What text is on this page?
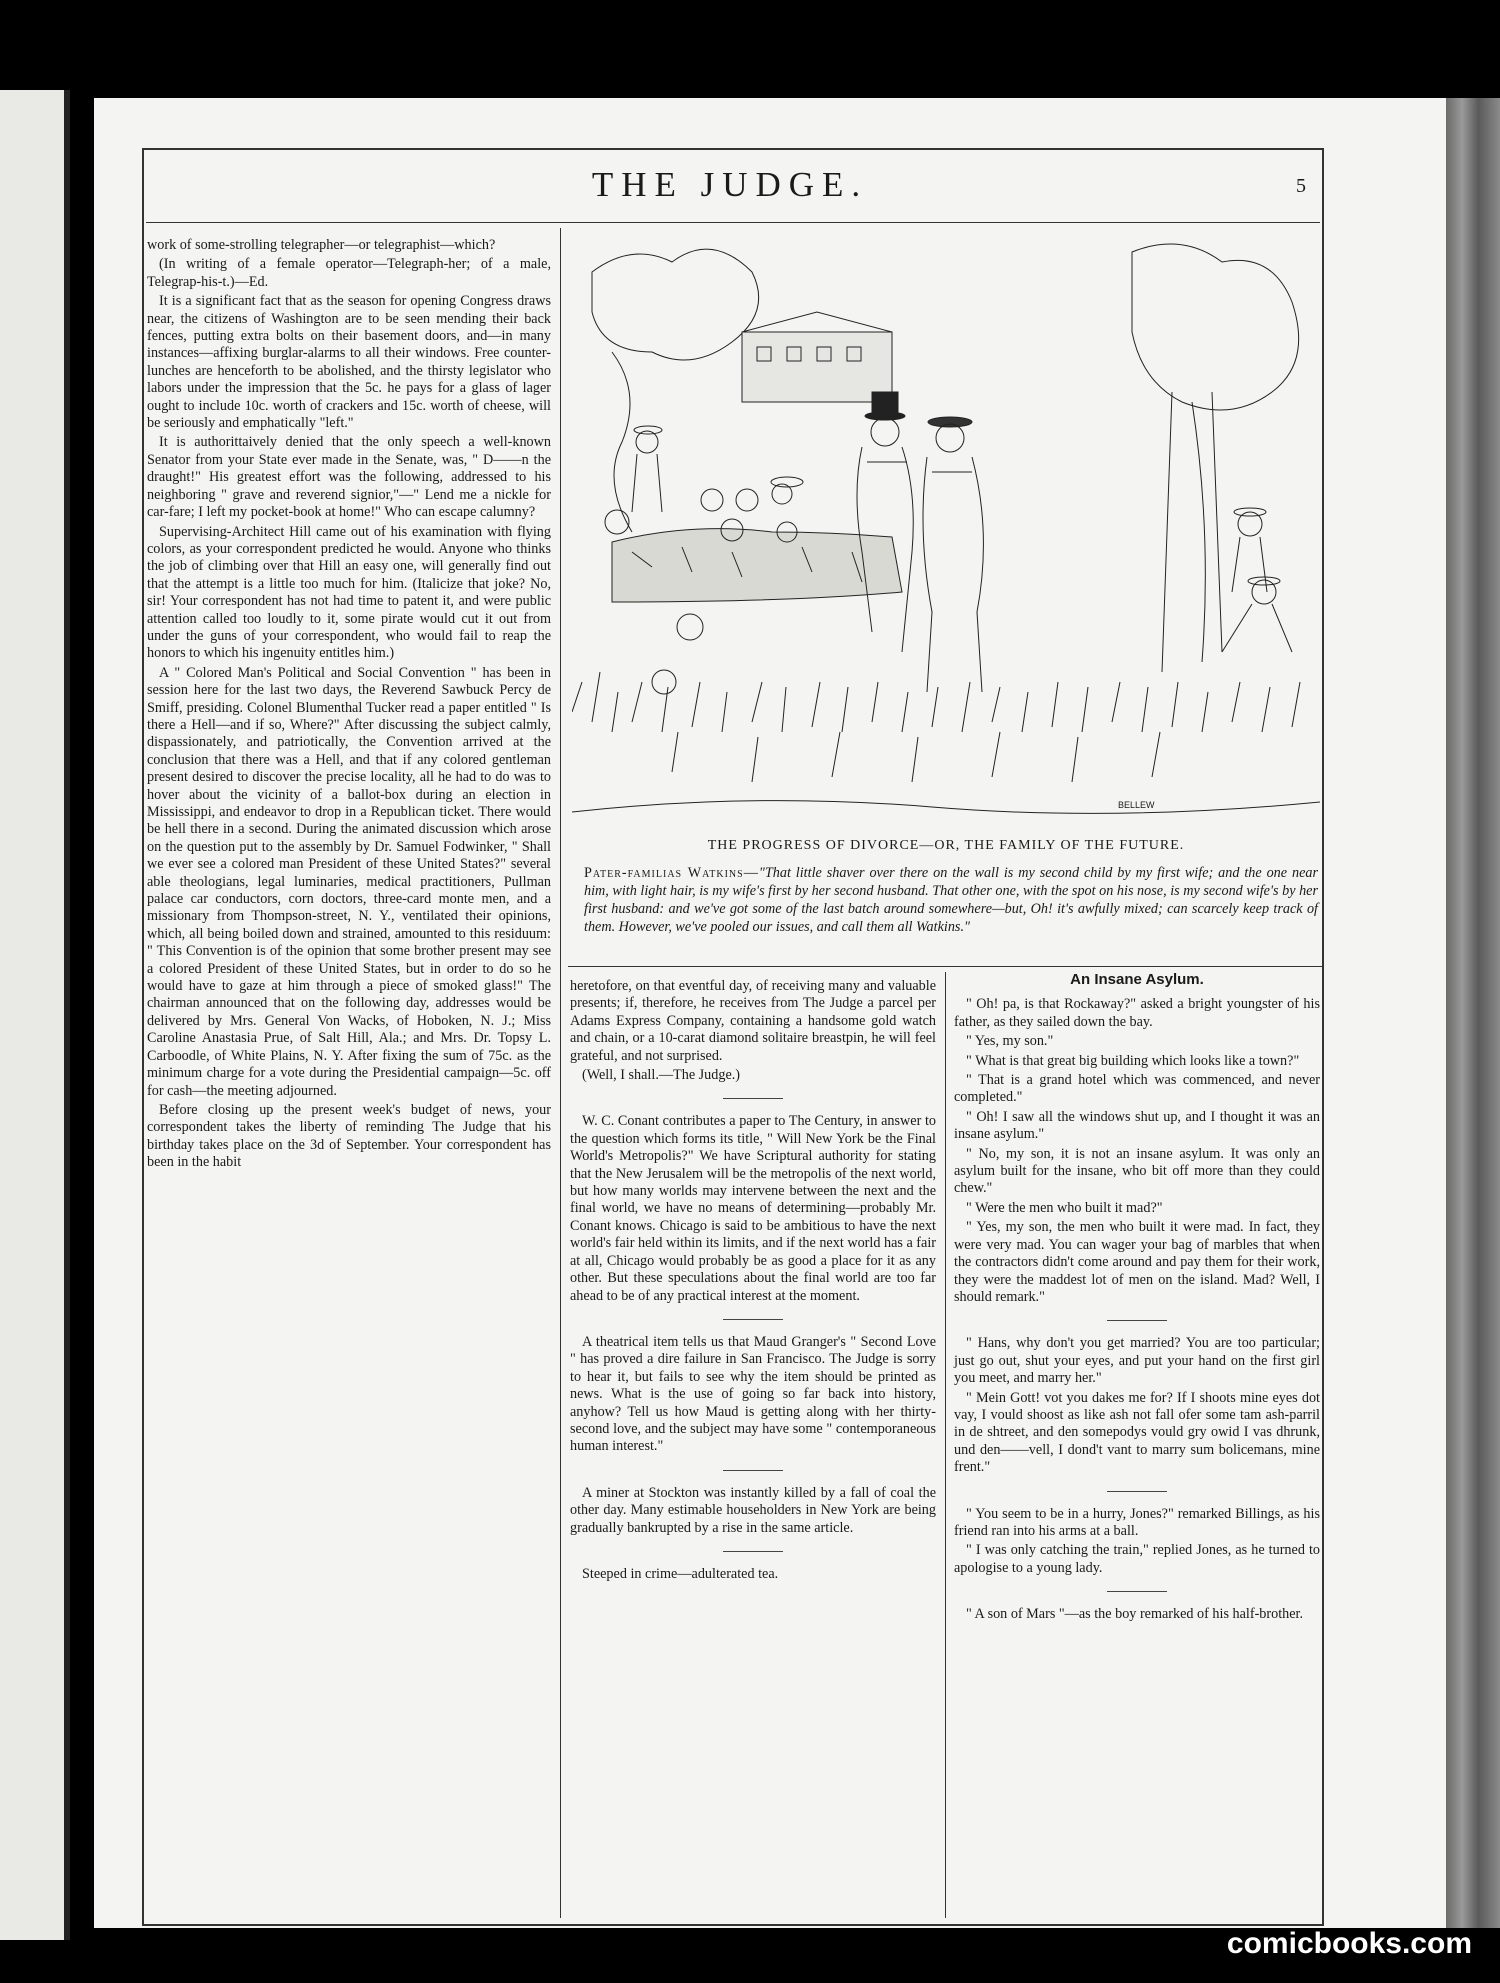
THE JUDGE.	5

work of some-strolling telegrapher—or telegraphist—which?

(In writing of a female operator—Telegraph-her; of a male, Telegrap-his-t.)—Ed.

It is a significant fact that as the season for opening Congress draws near, the citizens of Washington are to be seen mending their back fences, putting extra bolts on their basement doors, and—in many instances—affixing burglar-alarms to all their windows. Free counter-lunches are henceforth to be abolished, and the thirsty legislator who labors under the impression that the 5c. he pays for a glass of lager ought to include 10c. worth of crackers and 15c. worth of cheese, will be seriously and emphatically "left."

It is authorittaively denied that the only speech a well-known Senator from your State ever made in the Senate, was, " D——n the draught!" His greatest effort was the following, addressed to his neighboring " grave and reverend signior,"—" Lend me a nickle for car-fare; I left my pocket-book at home!" Who can escape calumny?

Supervising-Architect Hill came out of his examination with flying colors, as your correspondent predicted he would. Anyone who thinks the job of climbing over that Hill an easy one, will generally find out that the attempt is a little too much for him. (Italicize that joke? No, sir! Your correspondent has not had time to patent it, and were public attention called too loudly to it, some pirate would cut it out from under the guns of your correspondent, who would fail to reap the honors to which his ingenuity entitles him.)

A " Colored Man's Political and Social Convention " has been in session here for the last two days, the Reverend Sawbuck Percy de Smiff, presiding. Colonel Blumenthal Tucker read a paper entitled " Is there a Hell—and if so, Where?" After discussing the subject calmly, dispassionately, and patriotically, the Convention arrived at the conclusion that there was a Hell, and that if any colored gentleman present desired to discover the precise locality, all he had to do was to hover about the vicinity of a ballot-box during an election in Mississippi, and endeavor to drop in a Republican ticket. There would be hell there in a second. During the animated discussion which arose on the question put to the assembly by Dr. Samuel Fodwinker, " Shall we ever see a colored man President of these United States?" several able theologians, legal luminaries, medical practitioners, Pullman palace car conductors, corn doctors, three-card monte men, and a missionary from Thompson-street, N. Y., ventilated their opinions, which, all being boiled down and strained, amounted to this residuum: " This Convention is of the opinion that some brother present may see a colored President of these United States, but in order to do so he would have to gaze at him through a piece of smoked glass!" The chairman announced that on the following day, addresses would be delivered by Mrs. General Von Wacks, of Hoboken, N. J.; Miss Caroline Anastasia Prue, of Salt Hill, Ala.; and Mrs. Dr. Topsy L. Carboodle, of White Plains, N. Y. After fixing the sum of 75c. as the minimum charge for a vote during the Presidential campaign—5c. off for cash—the meeting adjourned.

Before closing up the present week's budget of news, your correspondent takes the liberty of reminding The Judge that his birthday takes place on the 3d of September. Your correspondent has been in the habit

BELLEW
THE PROGRESS OF DIVORCE—OR, THE FAMILY OF THE FUTURE.
Pater-familias Watkins—"That little shaver over there on the wall is my second child by my first wife; and the one near him, with light hair, is my wife's first by her second husband. That other one, with the spot on his nose, is my second wife's by her first husband: and we've got some of the last batch around somewhere—but, Oh! it's awfully mixed; can scarcely keep track of them. However, we've pooled our issues, and call them all Watkins."

heretofore, on that eventful day, of receiving many and valuable presents; if, therefore, he receives from The Judge a parcel per Adams Express Company, containing a handsome gold watch and chain, or a 10-carat diamond solitaire breastpin, he will feel grateful, and not surprised.

(Well, I shall.—The Judge.)

W. C. Conant contributes a paper to The Century, in answer to the question which forms its title, " Will New York be the Final World's Metropolis?" We have Scriptural authority for stating that the New Jerusalem will be the metropolis of the next world, but how many worlds may intervene between the next and the final world, we have no means of determining—probably Mr. Conant knows. Chicago is said to be ambitious to have the next world's fair held within its limits, and if the next world has a fair at all, Chicago would probably be as good a place for it as any other. But these speculations about the final world are too far ahead to be of any practical interest at the moment.

A theatrical item tells us that Maud Granger's " Second Love " has proved a dire failure in San Francisco. The Judge is sorry to hear it, but fails to see why the item should be printed as news. What is the use of going so far back into history, anyhow? Tell us how Maud is getting along with her thirty-second love, and the subject may have some " contemporaneous human interest."

A miner at Stockton was instantly killed by a fall of coal the other day. Many estimable householders in New York are being gradually bankrupted by a rise in the same article.

Steeped in crime—adulterated tea.

An Insane Asylum.

" Oh! pa, is that Rockaway?" asked a bright youngster of his father, as they sailed down the bay.

" Yes, my son."

" What is that great big building which looks like a town?"

" That is a grand hotel which was commenced, and never completed."

" Oh! I saw all the windows shut up, and I thought it was an insane asylum."

" No, my son, it is not an insane asylum. It was only an asylum built for the insane, who bit off more than they could chew."

" Were the men who built it mad?"

" Yes, my son, the men who built it were mad. In fact, they were very mad. You can wager your bag of marbles that when the contractors didn't come around and pay them for their work, they were the maddest lot of men on the island. Mad? Well, I should remark."

" Hans, why don't you get married? You are too particular; just go out, shut your eyes, and put your hand on the first girl you meet, and marry her."

" Mein Gott! vot you dakes me for? If I shoots mine eyes dot vay, I vould shoost as like ash not fall ofer some tam ash-parril in de shtreet, and den somepodys vould gry owid I vas dhrunk, und den——vell, I dond't vant to marry sum bolicemans, mine frent."

" You seem to be in a hurry, Jones?" remarked Billings, as his friend ran into his arms at a ball.

" I was only catching the train," replied Jones, as he turned to apologise to a young lady.

" A son of Mars "—as the boy remarked of his half-brother.

comicbooks.com
